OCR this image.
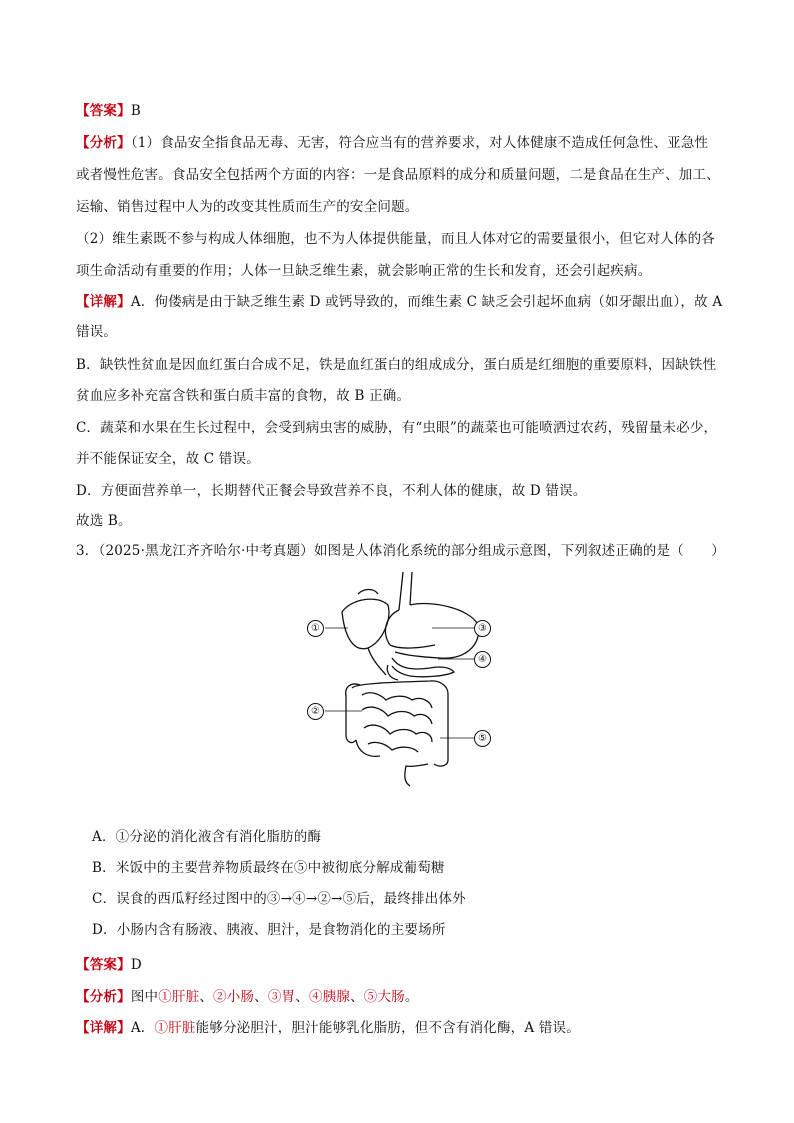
【答案】B
【分析】（1）食品安全指食品无毒、无害，符合应当有的营养要求，对人体健康不造成任何急性、亚急性
或者慢性危害。食品安全包括两个方面的内容：一是食品原料的成分和质量问题，二是食品在生产、加工、
运输、销售过程中人为的改变其性质而生产的安全问题。
（2）维生素既不参与构成人体细胞，也不为人体提供能量，而且人体对它的需要量很小，但它对人体的各
项生命活动有重要的作用；人体一旦缺乏维生素，就会影响正常的生长和发育，还会引起疾病。
【详解】A．佝偻病是由于缺乏维生素 D 或钙导致的，而维生素 C 缺乏会引起坏血病（如牙龈出血），故 A
错误。
B．缺铁性贫血是因血红蛋白合成不足，铁是血红蛋白的组成成分，蛋白质是红细胞的重要原料，因缺铁性
贫血应多补充富含铁和蛋白质丰富的食物，故 B 正确。
C．蔬菜和水果在生长过程中，会受到病虫害的威胁，有“虫眼”的蔬菜也可能喷洒过农药，残留量未必少，
并不能保证安全，故 C 错误。
D．方便面营养单一，长期替代正餐会导致营养不良，不利人体的健康，故 D 错误。
故选 B。
3．（2025·黑龙江齐齐哈尔·中考真题）如图是人体消化系统的部分组成示意图，下列叙述正确的是（　　）
①	③
④
②
⑤
A．①分泌的消化液含有消化脂肪的酶
B．米饭中的主要营养物质最终在⑤中被彻底分解成葡萄糖
C．误食的西瓜籽经过图中的③→④→②→⑤后，最终排出体外
D．小肠内含有肠液、胰液、胆汁，是食物消化的主要场所
【答案】D
【分析】图中①肝脏、②小肠、③胃、④胰腺、⑤大肠。
【详解】A．①肝脏能够分泌胆汁，胆汁能够乳化脂肪，但不含有消化酶，A 错误。
